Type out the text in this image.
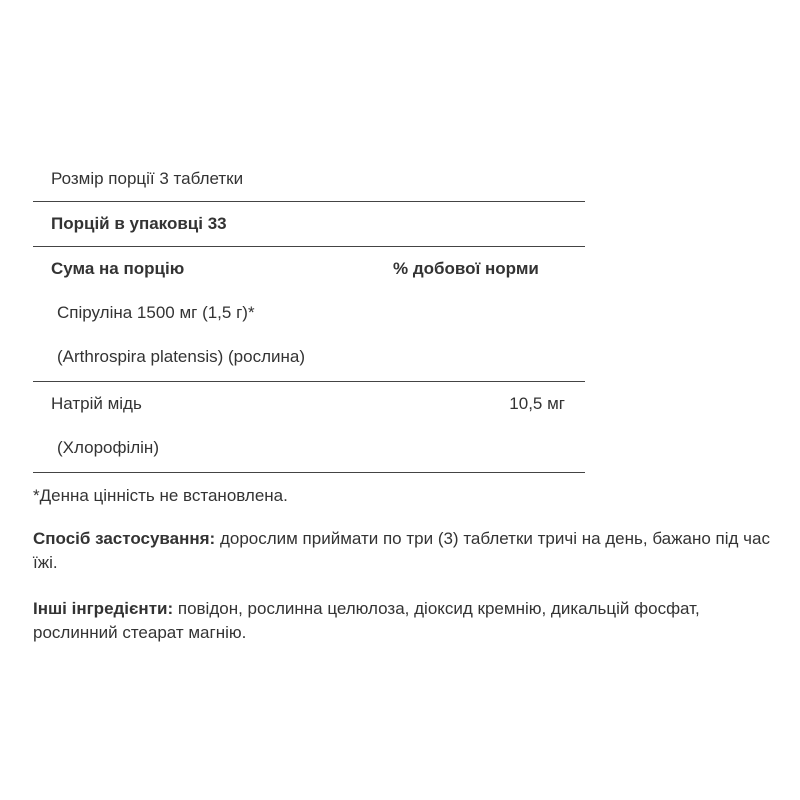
Розмір порції 3 таблетки
Порцій в упаковці 33
Сума на порцію	% добової норми
Спіруліна 1500 мг (1,5 г)*
(Arthrospira platensis) (рослина)
Натрій мідь	10,5 мг
(Хлорофілін)

*Денна цінність не встановлена.

Спосіб застосування: дорослим приймати по три (3) таблетки тричі на день, бажано під час їжі.

Інші інгредієнти: повідон, рослинна целюлоза, діоксид кремнію, дикальцій фосфат, рослинний стеарат магнію.
